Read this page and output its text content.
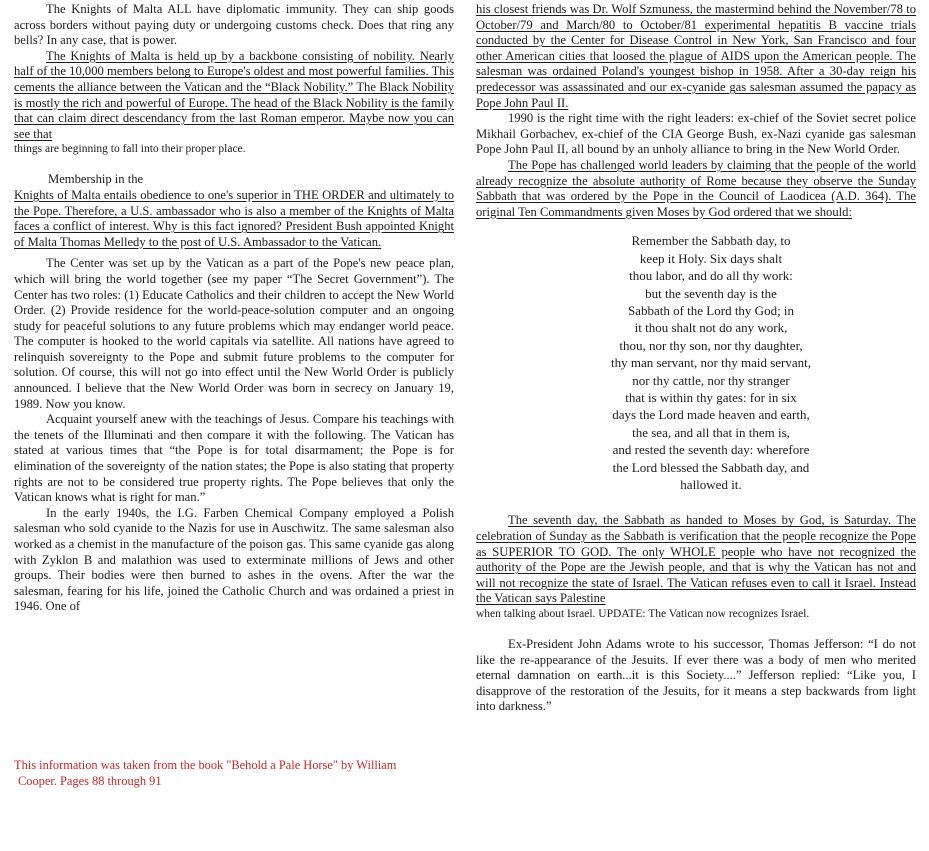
The Knights of Malta ALL have diplomatic immunity. They can ship goods across borders without paying duty or undergoing customs check. Does that ring any bells? In any case, that is power.

The Knights of Malta is held up by a backbone consisting of nobility. Nearly half of the 10,000 members belong to Europe's oldest and most powerful families. This cements the alliance between the Vatican and the “Black Nobility.” The Black Nobility is mostly the rich and powerful of Europe. The head of the Black Nobility is the family that can claim direct descendancy from the last Roman emperor. Maybe now you can see that

things are beginning to fall into their proper place.

Membership in the

Knights of Malta entails obedience to one's superior in THE ORDER and ultimately to the Pope. Therefore, a U.S. ambassador who is also a member of the Knights of Malta faces a conflict of interest. Why is this fact ignored? President Bush appointed Knight of Malta Thomas Melledy to the post of U.S. Ambassador to the Vatican.

The Center was set up by the Vatican as a part of the Pope's new peace plan, which will bring the world together (see my paper “The Secret Government”). The Center has two roles: (1) Educate Catholics and their children to accept the New World Order. (2) Provide residence for the world-peace-solution computer and an ongoing study for peaceful solutions to any future problems which may endanger world peace. The computer is hooked to the world capitals via satellite. All nations have agreed to relinquish sovereignty to the Pope and submit future problems to the computer for solution. Of course, this will not go into effect until the New World Order is publicly announced. I believe that the New World Order was born in secrecy on January 19, 1989. Now you know.

Acquaint yourself anew with the teachings of Jesus. Compare his teachings with the tenets of the Illuminati and then compare it with the following. The Vatican has stated at various times that “the Pope is for total disarmament; the Pope is for elimination of the sovereignty of the nation states; the Pope is also stating that property rights are not to be considered true property rights. The Pope believes that only the Vatican knows what is right for man.”

In the early 1940s, the I.G. Farben Chemical Company employed a Polish salesman who sold cyanide to the Nazis for use in Auschwitz. The same salesman also worked as a chemist in the manufacture of the poison gas. This same cyanide gas along with Zyklon B and malathion was used to exterminate millions of Jews and other groups. Their bodies were then burned to ashes in the ovens. After the war the salesman, fearing for his life, joined the Catholic Church and was ordained a priest in 1946. One of

This information was taken from the book "Behold a Pale Horse" by William
Cooper. Pages 88 through 91

his closest friends was Dr. Wolf Szmuness, the mastermind behind the November/78 to October/79 and March/80 to October/81 experimental hepatitis B vaccine trials conducted by the Center for Disease Control in New York, San Francisco and four other American cities that loosed the plague of AIDS upon the American people. The salesman was ordained Poland's youngest bishop in 1958. After a 30-day reign his predecessor was assassinated and our ex-cyanide gas salesman assumed the papacy as Pope John Paul II.

1990 is the right time with the right leaders: ex-chief of the Soviet secret police Mikhail Gorbachev, ex-chief of the CIA George Bush, ex-Nazi cyanide gas salesman Pope John Paul II, all bound by an unholy alliance to bring in the New World Order.

The Pope has challenged world leaders by claiming that the people of the world already recognize the absolute authority of Rome because they observe the Sunday Sabbath that was ordered by the Pope in the Council of Laodicea (A.D. 364). The original Ten Commandments given Moses by God ordered that we should:

Remember the Sabbath day, to
keep it Holy. Six days shalt
thou labor, and do all thy work:
but the seventh day is the
Sabbath of the Lord thy God; in
it thou shalt not do any work,
thou, nor thy son, nor thy daughter,
thy man servant, nor thy maid servant,
nor thy cattle, nor thy stranger
that is within thy gates: for in six
days the Lord made heaven and earth,
the sea, and all that in them is,
and rested the seventh day: wherefore
the Lord blessed the Sabbath day, and
hallowed it.

The seventh day, the Sabbath as handed to Moses by God, is Saturday. The celebration of Sunday as the Sabbath is verification that the people recognize the Pope as SUPERIOR TO GOD. The only WHOLE people who have not recognized the authority of the Pope are the Jewish people, and that is why the Vatican has not and will not recognize the state of Israel. The Vatican refuses even to call it Israel. Instead the Vatican says Palestine

when talking about Israel. UPDATE: The Vatican now recognizes Israel.

Ex-President John Adams wrote to his successor, Thomas Jefferson: “I do not like the re-appearance of the Jesuits. If ever there was a body of men who merited eternal damnation on earth...it is this Society....” Jefferson replied: “Like you, I disapprove of the restoration of the Jesuits, for it means a step backwards from light into darkness.”
